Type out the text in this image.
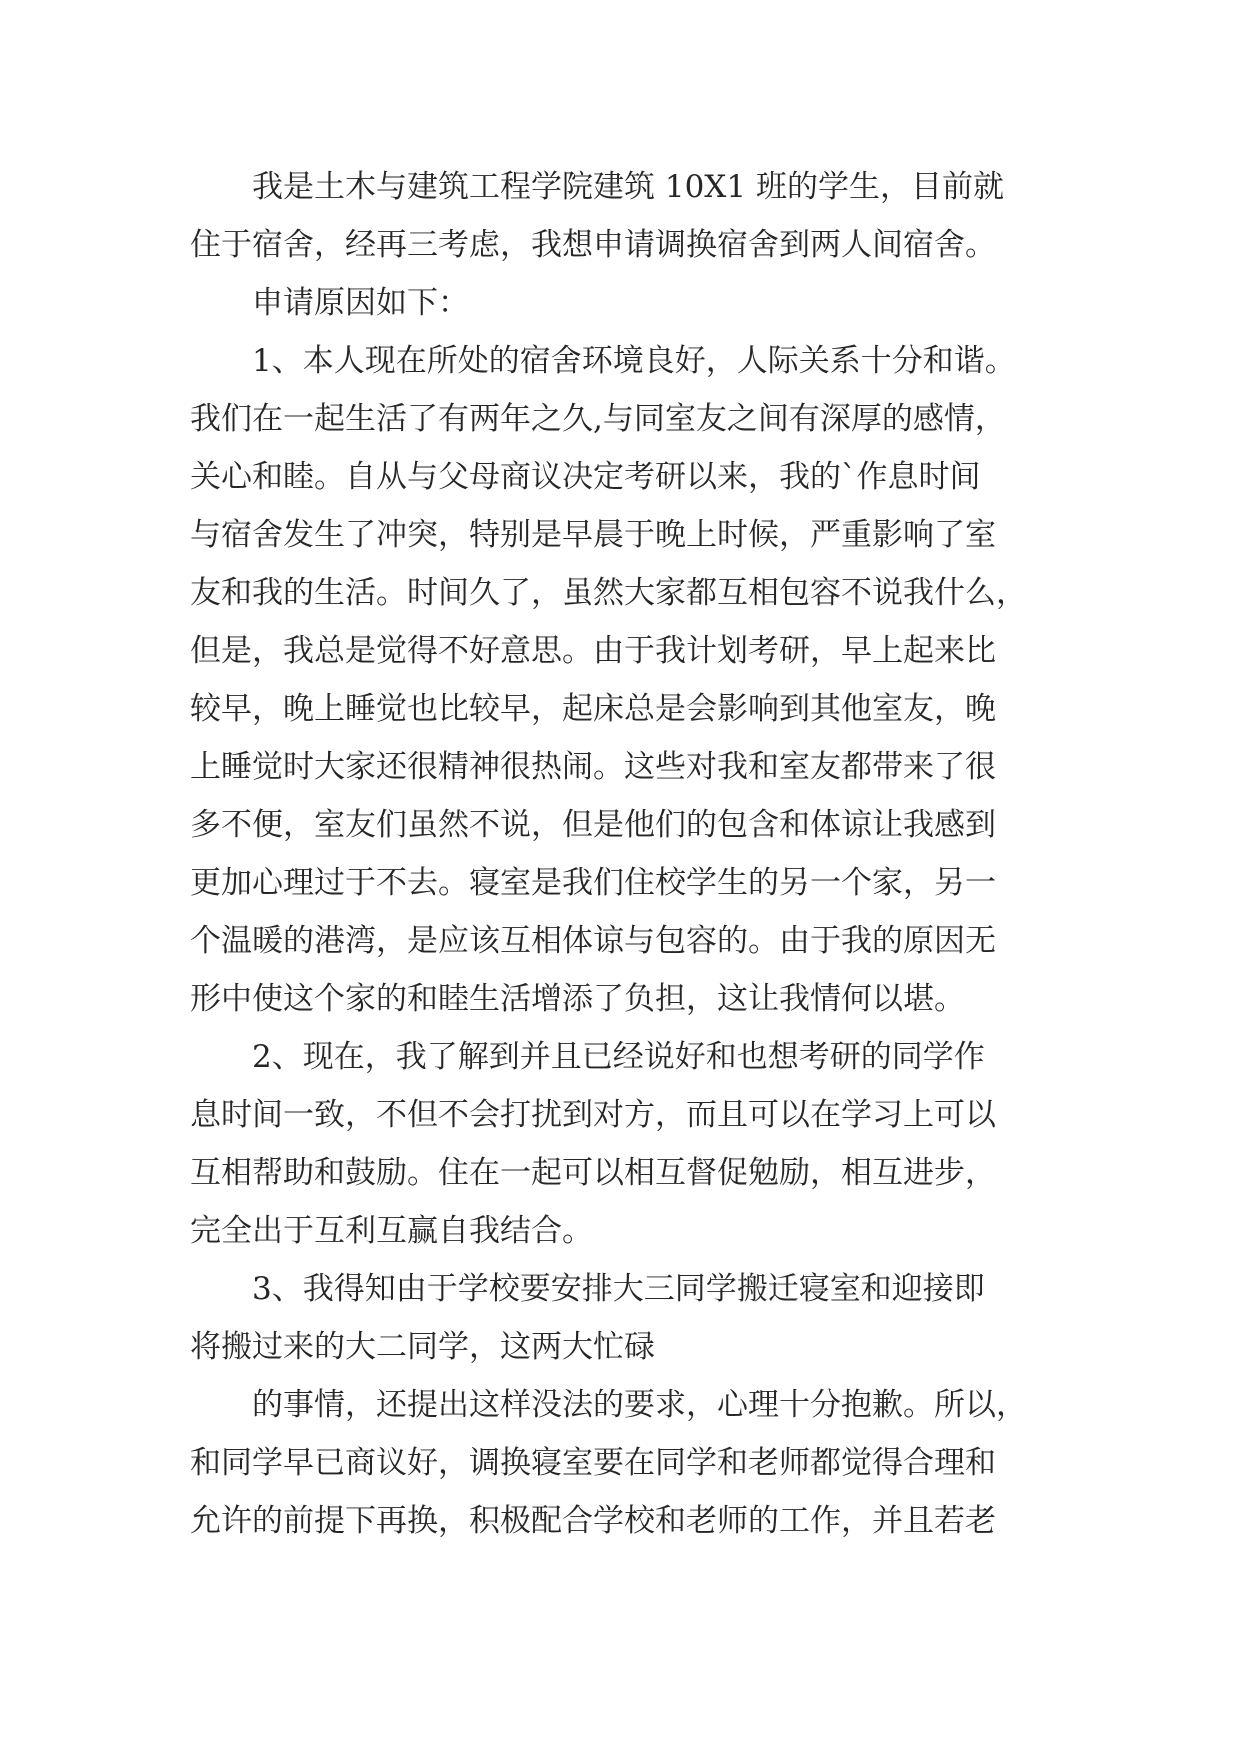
我是土木与建筑工程学院建筑 10X1 班的学生，目前就
住于宿舍，经再三考虑，我想申请调换宿舍到两人间宿舍。

申请原因如下：

1、本人现在所处的宿舍环境良好，人际关系十分和谐。
我们在一起生活了有两年之久,与同室友之间有深厚的感情，
关心和睦。自从与父母商议决定考研以来，我的`作息时间
与宿舍发生了冲突，特别是早晨于晚上时候，严重影响了室
友和我的生活。时间久了，虽然大家都互相包容不说我什么，
但是，我总是觉得不好意思。由于我计划考研，早上起来比
较早，晚上睡觉也比较早，起床总是会影响到其他室友，晚
上睡觉时大家还很精神很热闹。这些对我和室友都带来了很
多不便，室友们虽然不说，但是他们的包含和体谅让我感到
更加心理过于不去。寝室是我们住校学生的另一个家，另一
个温暖的港湾，是应该互相体谅与包容的。由于我的原因无
形中使这个家的和睦生活增添了负担，这让我情何以堪。

2、现在，我了解到并且已经说好和也想考研的同学作
息时间一致，不但不会打扰到对方，而且可以在学习上可以
互相帮助和鼓励。住在一起可以相互督促勉励，相互进步，
完全出于互利互赢自我结合。

3、我得知由于学校要安排大三同学搬迁寝室和迎接即
将搬过来的大二同学，这两大忙碌

的事情，还提出这样没法的要求，心理十分抱歉。所以，
和同学早已商议好，调换寝室要在同学和老师都觉得合理和
允许的前提下再换，积极配合学校和老师的工作，并且若老
